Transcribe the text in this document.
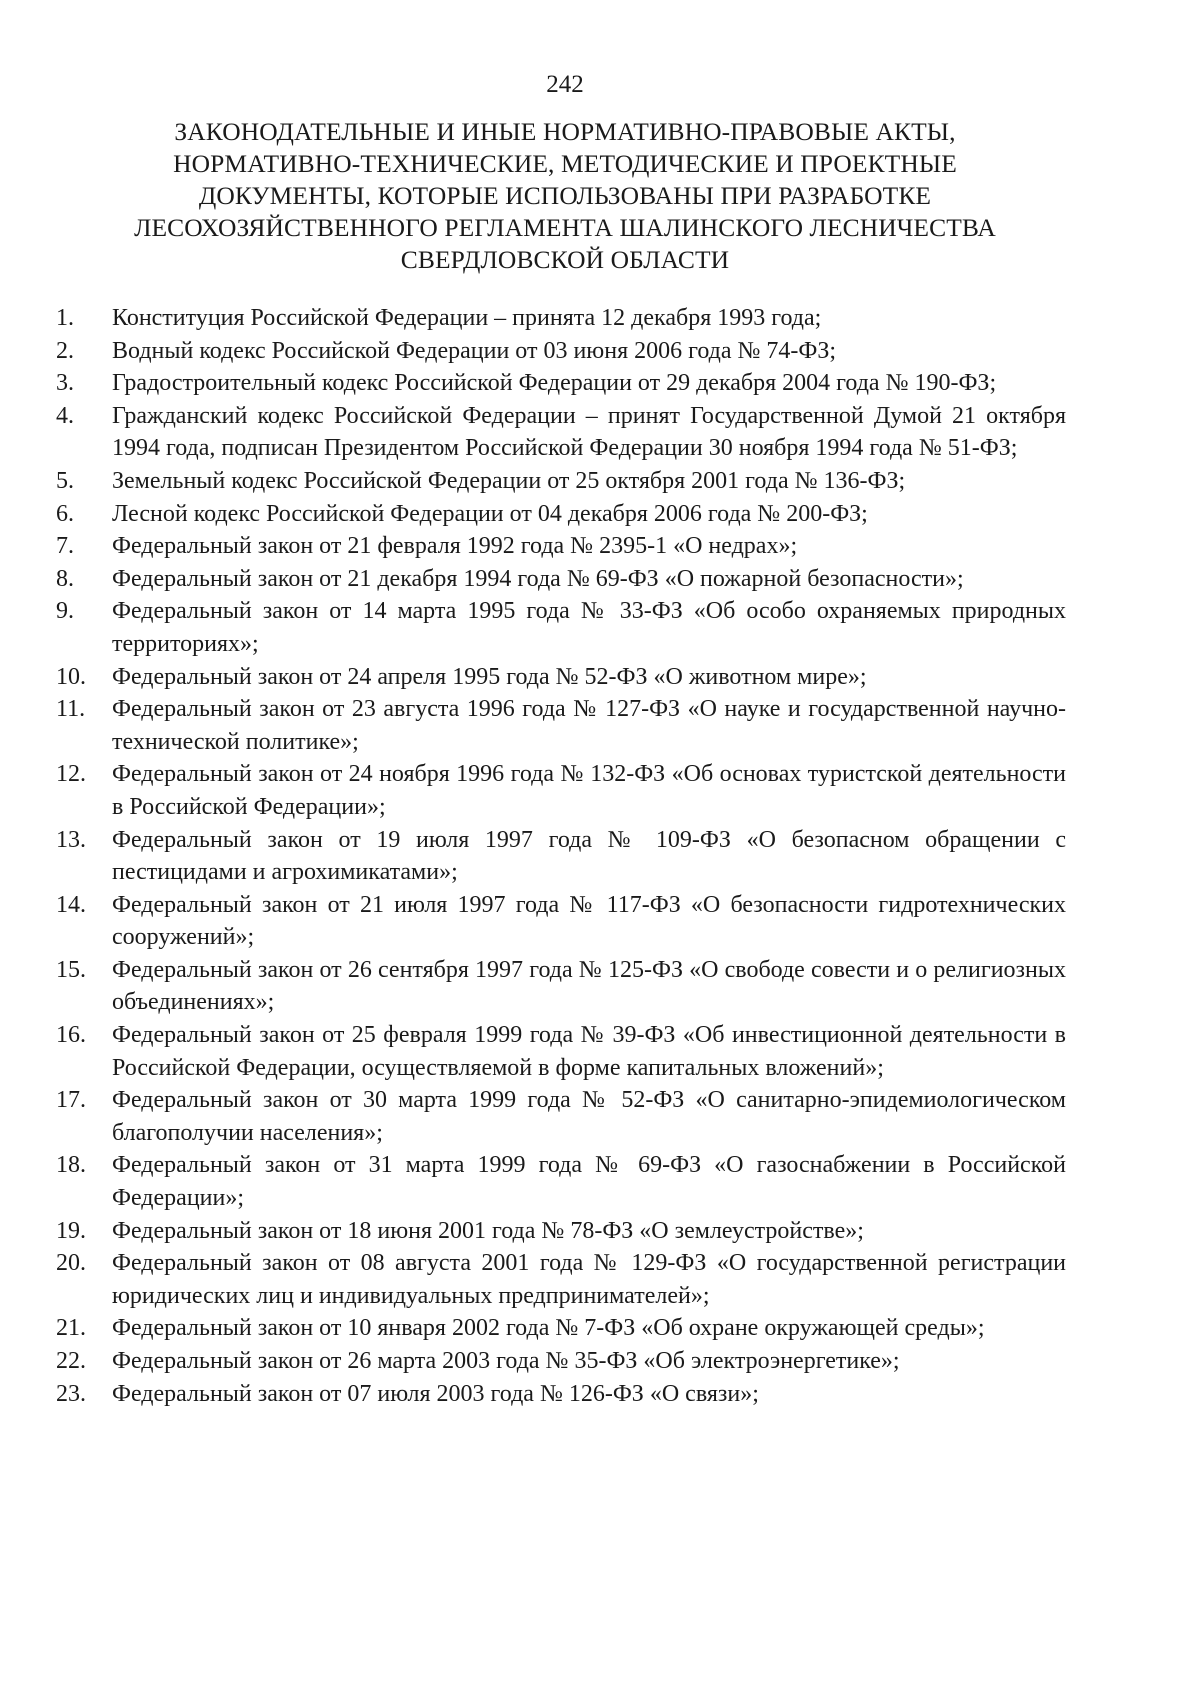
242
ЗАКОНОДАТЕЛЬНЫЕ И ИНЫЕ НОРМАТИВНО-ПРАВОВЫЕ АКТЫ,
НОРМАТИВНО-ТЕХНИЧЕСКИЕ, МЕТОДИЧЕСКИЕ И ПРОЕКТНЫЕ
ДОКУМЕНТЫ, КОТОРЫЕ ИСПОЛЬЗОВАНЫ ПРИ РАЗРАБОТКЕ
ЛЕСОХОЗЯЙСТВЕННОГО РЕГЛАМЕНТА ШАЛИНСКОГО ЛЕСНИЧЕСТВА
СВЕРДЛОВСКОЙ ОБЛАСТИ
1.	Конституция Российской Федерации – принята 12 декабря 1993 года;
2.	Водный кодекс Российской Федерации от 03 июня 2006 года № 74-ФЗ;
3.	Градостроительный кодекс Российской Федерации от 29 декабря 2004 года № 190-ФЗ;
4.	Гражданский кодекс Российской Федерации – принят Государственной Думой 21 октября 1994 года, подписан Президентом Российской Федерации 30 ноября 1994 года № 51-ФЗ;
5.	Земельный кодекс Российской Федерации от 25 октября 2001 года № 136-ФЗ;
6.	Лесной кодекс Российской Федерации от 04 декабря 2006 года № 200-ФЗ;
7.	Федеральный закон от 21 февраля 1992 года № 2395-1 «О недрах»;
8.	Федеральный закон от 21 декабря 1994 года № 69-ФЗ «О пожарной безопасности»;
9.	Федеральный закон от 14 марта 1995 года № 33-ФЗ «Об особо охраняемых природных территориях»;
10.	Федеральный закон от 24 апреля 1995 года № 52-ФЗ «О животном мире»;
11.	Федеральный закон от 23 августа 1996 года № 127-ФЗ «О науке и государственной научно-технической политике»;
12.	Федеральный закон от 24 ноября 1996 года № 132-ФЗ «Об основах туристской деятельности в Российской Федерации»;
13.	Федеральный закон от 19 июля 1997 года № 109-ФЗ «О безопасном обращении с пестицидами и агрохимикатами»;
14.	Федеральный закон от 21 июля 1997 года № 117-ФЗ «О безопасности гидротехнических сооружений»;
15.	Федеральный закон от 26 сентября 1997 года № 125-ФЗ «О свободе совести и о религиозных объединениях»;
16.	Федеральный закон от 25 февраля 1999 года № 39-ФЗ «Об инвестиционной деятельности в Российской Федерации, осуществляемой в форме капитальных вложений»;
17.	Федеральный закон от 30 марта 1999 года № 52-ФЗ «О санитарно-эпидемиологическом благополучии населения»;
18.	Федеральный закон от 31 марта 1999 года № 69-ФЗ «О газоснабжении в Российской Федерации»;
19.	Федеральный закон от 18 июня 2001 года № 78-ФЗ «О землеустройстве»;
20.	Федеральный закон от 08 августа 2001 года № 129-ФЗ «О государственной регистрации юридических лиц и индивидуальных предпринимателей»;
21.	Федеральный закон от 10 января 2002 года № 7-ФЗ «Об охране окружающей среды»;
22.	Федеральный закон от 26 марта 2003 года № 35-ФЗ «Об электроэнергетике»;
23.	Федеральный закон от 07 июля 2003 года № 126-ФЗ «О связи»;
